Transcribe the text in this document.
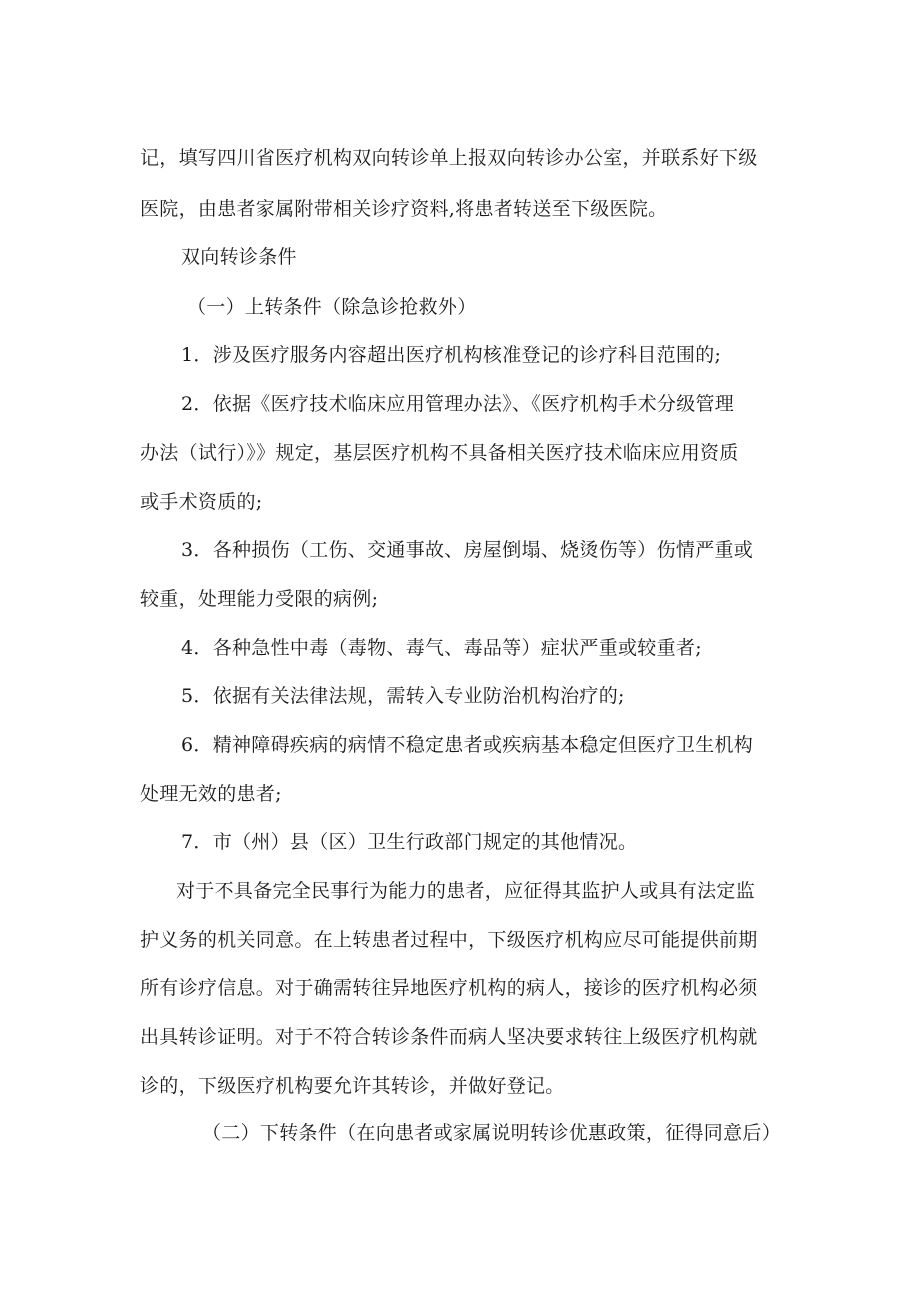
记，填写四川省医疗机构双向转诊单上报双向转诊办公室，并联系好下级
医院，由患者家属附带相关诊疗资料,将患者转送至下级医院。
双向转诊条件
（一）上转条件（除急诊抢救外）
1．涉及医疗服务内容超出医疗机构核准登记的诊疗科目范围的;
2．依据《医疗技术临床应用管理办法》、《医疗机构手术分级管理
办法（试行）》》规定，基层医疗机构不具备相关医疗技术临床应用资质
或手术资质的;
3．各种损伤（工伤、交通事故、房屋倒塌、烧烫伤等）伤情严重或
较重，处理能力受限的病例;
4．各种急性中毒（毒物、毒气、毒品等）症状严重或较重者;
5．依据有关法律法规，需转入专业防治机构治疗的;
6．精神障碍疾病的病情不稳定患者或疾病基本稳定但医疗卫生机构
处理无效的患者;
7．市（州）县（区）卫生行政部门规定的其他情况。
对于不具备完全民事行为能力的患者，应征得其监护人或具有法定监
护义务的机关同意。在上转患者过程中，下级医疗机构应尽可能提供前期
所有诊疗信息。对于确需转往异地医疗机构的病人，接诊的医疗机构必须
出具转诊证明。对于不符合转诊条件而病人坚决要求转往上级医疗机构就
诊的，下级医疗机构要允许其转诊，并做好登记。
（二）下转条件（在向患者或家属说明转诊优惠政策，征得同意后）
